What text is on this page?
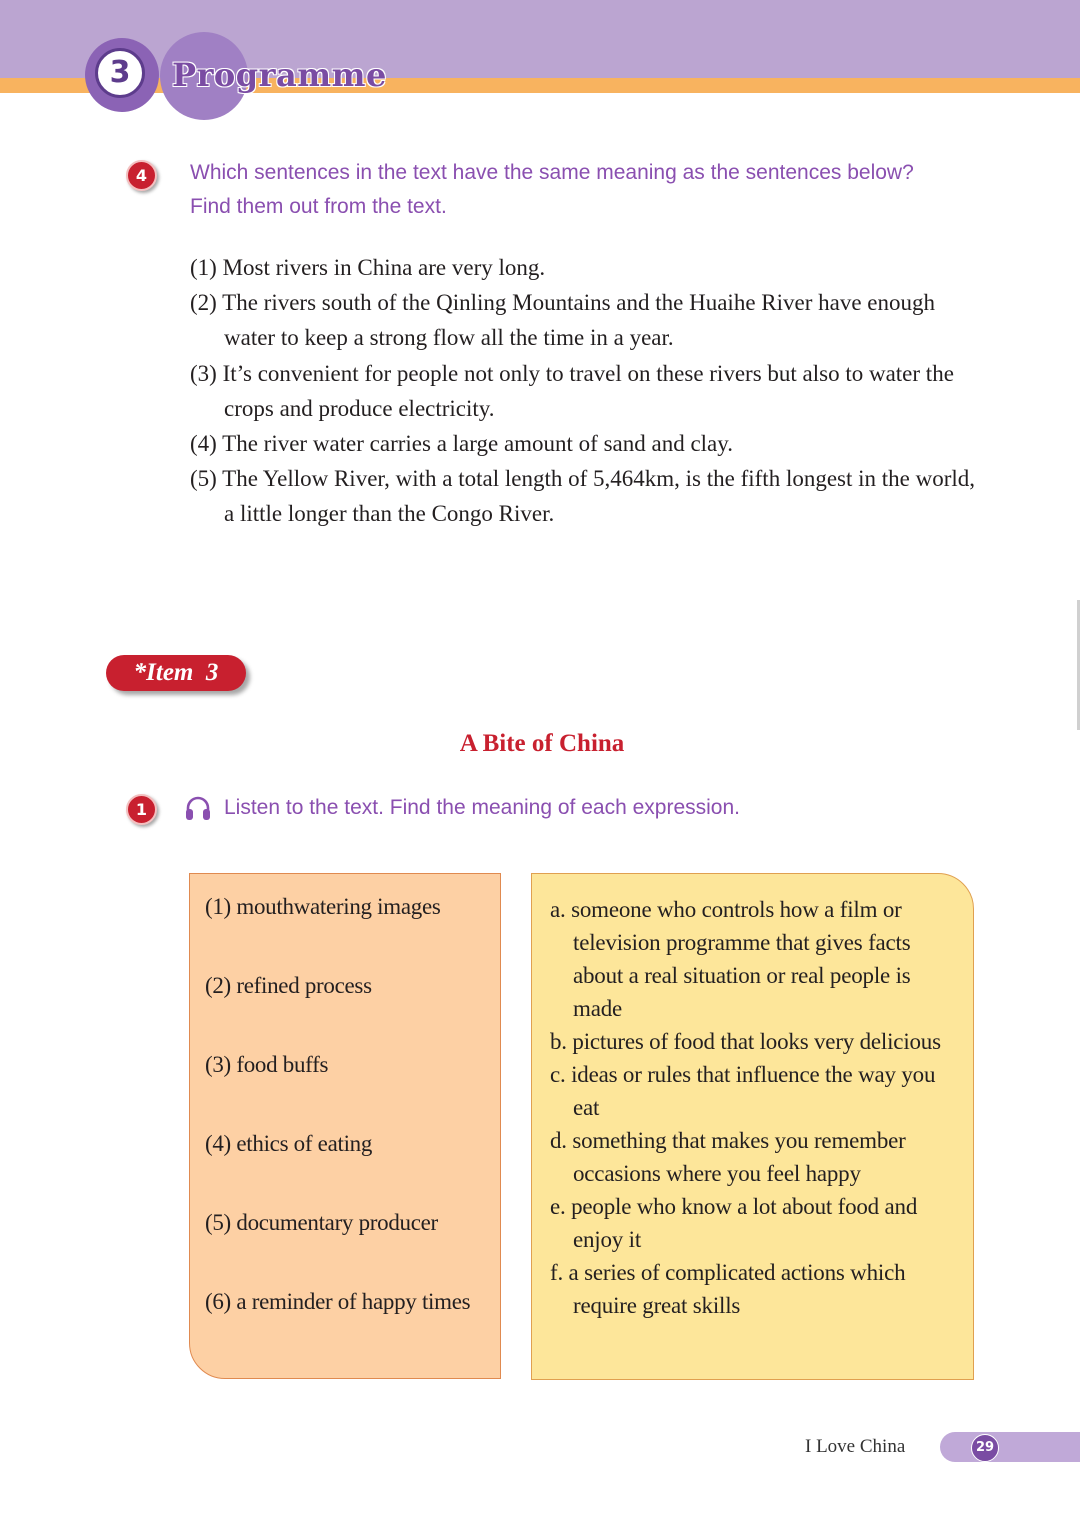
3	Programme
4	Which sentences in the text have the same meaning as the sentences below?
Find them out from the text.
(1) Most rivers in China are very long.
(2) The rivers south of the Qinling Mountains and the Huaihe River have enough water to keep a strong flow all the time in a year.
(3) It’s convenient for people not only to travel on these rivers but also to water the crops and produce electricity.
(4) The river water carries a large amount of sand and clay.
(5) The Yellow River, with a total length of 5,464km, is the fifth longest in the world, a little longer than the Congo River.
*Item  3
A Bite of China
1	Listen to the text. Find the meaning of each expression.
(1) mouthwatering images
(2) refined process
(3) food buffs
(4) ethics of eating
(5) documentary producer
(6) a reminder of happy times
a. someone who controls how a film or television programme that gives facts about a real situation or real people is made
b. pictures of food that looks very delicious
c. ideas or rules that influence the way you eat
d. something that makes you remember occasions where you feel happy
e. people who know a lot about food and enjoy it
f. a series of complicated actions which require great skills
I Love China	29
